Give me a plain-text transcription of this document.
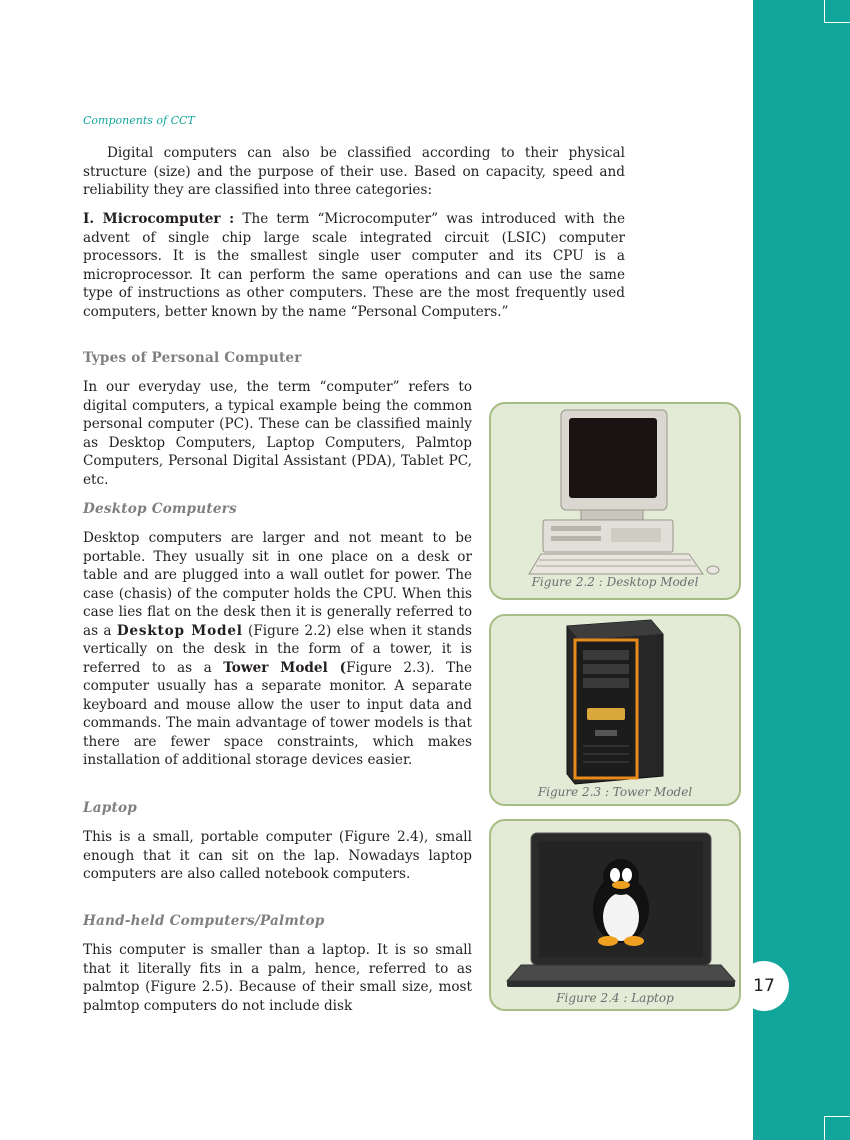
17
Components of CCT

Digital computers can also be classified according to their physical structure (size) and the purpose of their use. Based on capacity, speed and reliability they are classified into three categories:

I. Microcomputer : The term “Microcomputer” was introduced with the advent of single chip large scale integrated circuit (LSIC) computer processors. It is the smallest single user computer and its CPU is a microprocessor. It can perform the same operations and can use the same type of instructions as other computers. These are the most frequently used computers, better known by the name “Personal Computers.”

Types of Personal Computer

In our everyday use, the term “computer” refers to digital computers, a typical example being the common personal computer (PC). These can be classified mainly as Desktop Computers, Laptop Computers, Palmtop Computers, Personal Digital Assistant (PDA), Tablet PC, etc.

Desktop Computers

Desktop computers are larger and not meant to be portable. They usually sit in one place on a desk or table and are plugged into a wall outlet for power. The case (chasis) of the computer holds the CPU. When this case lies flat on the desk then it is generally referred to as a Desktop Model (Figure 2.2) else when it stands vertically on the desk in the form of a tower, it is referred to as a Tower Model (Figure 2.3). The computer usually has a separate monitor. A separate keyboard and mouse allow the user to input data and commands. The main advantage of tower models is that there are fewer space constraints, which makes installation of additional storage devices easier.

Laptop

This is a small, portable computer (Figure 2.4), small enough that it can sit on the lap. Nowadays laptop computers are also called notebook computers.

Hand-held Computers/Palmtop

This computer is smaller than a laptop. It is so small that it literally fits in a palm, hence, referred to as palmtop (Figure 2.5). Because of their small size, most palmtop computers do not include disk

Figure 2.2 : Desktop Model
Figure 2.3 : Tower Model
Figure 2.4 : Laptop
